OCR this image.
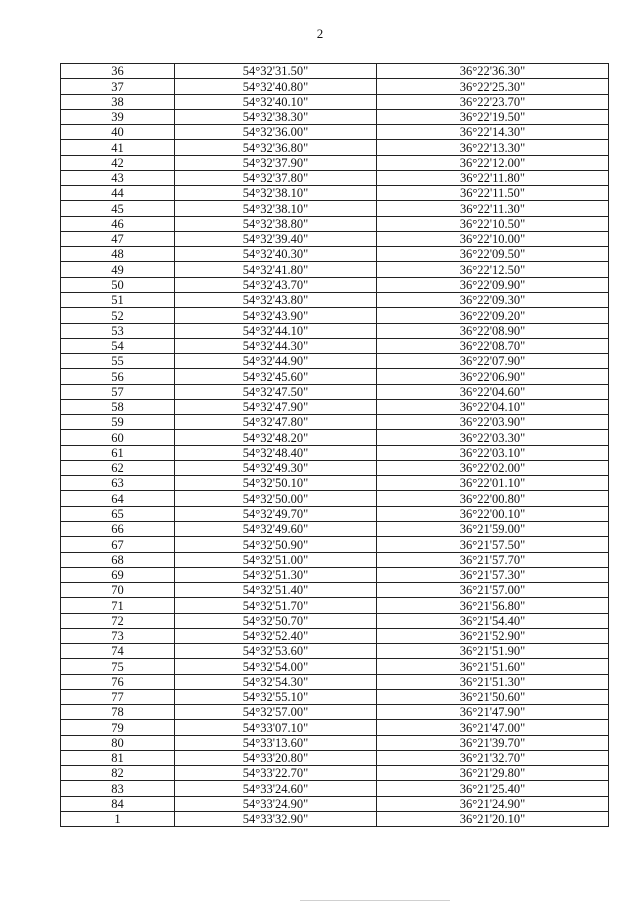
2
36	54°32'31.50"	36°22'36.30"
37	54°32'40.80"	36°22'25.30"
38	54°32'40.10"	36°22'23.70"
39	54°32'38.30"	36°22'19.50"
40	54°32'36.00"	36°22'14.30"
41	54°32'36.80"	36°22'13.30"
42	54°32'37.90"	36°22'12.00"
43	54°32'37.80"	36°22'11.80"
44	54°32'38.10"	36°22'11.50"
45	54°32'38.10"	36°22'11.30"
46	54°32'38.80"	36°22'10.50"
47	54°32'39.40"	36°22'10.00"
48	54°32'40.30"	36°22'09.50"
49	54°32'41.80"	36°22'12.50"
50	54°32'43.70"	36°22'09.90"
51	54°32'43.80"	36°22'09.30"
52	54°32'43.90"	36°22'09.20"
53	54°32'44.10"	36°22'08.90"
54	54°32'44.30"	36°22'08.70"
55	54°32'44.90"	36°22'07.90"
56	54°32'45.60"	36°22'06.90"
57	54°32'47.50"	36°22'04.60"
58	54°32'47.90"	36°22'04.10"
59	54°32'47.80"	36°22'03.90"
60	54°32'48.20"	36°22'03.30"
61	54°32'48.40"	36°22'03.10"
62	54°32'49.30"	36°22'02.00"
63	54°32'50.10"	36°22'01.10"
64	54°32'50.00"	36°22'00.80"
65	54°32'49.70"	36°22'00.10"
66	54°32'49.60"	36°21'59.00"
67	54°32'50.90"	36°21'57.50"
68	54°32'51.00"	36°21'57.70"
69	54°32'51.30"	36°21'57.30"
70	54°32'51.40"	36°21'57.00"
71	54°32'51.70"	36°21'56.80"
72	54°32'50.70"	36°21'54.40"
73	54°32'52.40"	36°21'52.90"
74	54°32'53.60"	36°21'51.90"
75	54°32'54.00"	36°21'51.60"
76	54°32'54.30"	36°21'51.30"
77	54°32'55.10"	36°21'50.60"
78	54°32'57.00"	36°21'47.90"
79	54°33'07.10"	36°21'47.00"
80	54°33'13.60"	36°21'39.70"
81	54°33'20.80"	36°21'32.70"
82	54°33'22.70"	36°21'29.80"
83	54°33'24.60"	36°21'25.40"
84	54°33'24.90"	36°21'24.90"
1	54°33'32.90"	36°21'20.10"
